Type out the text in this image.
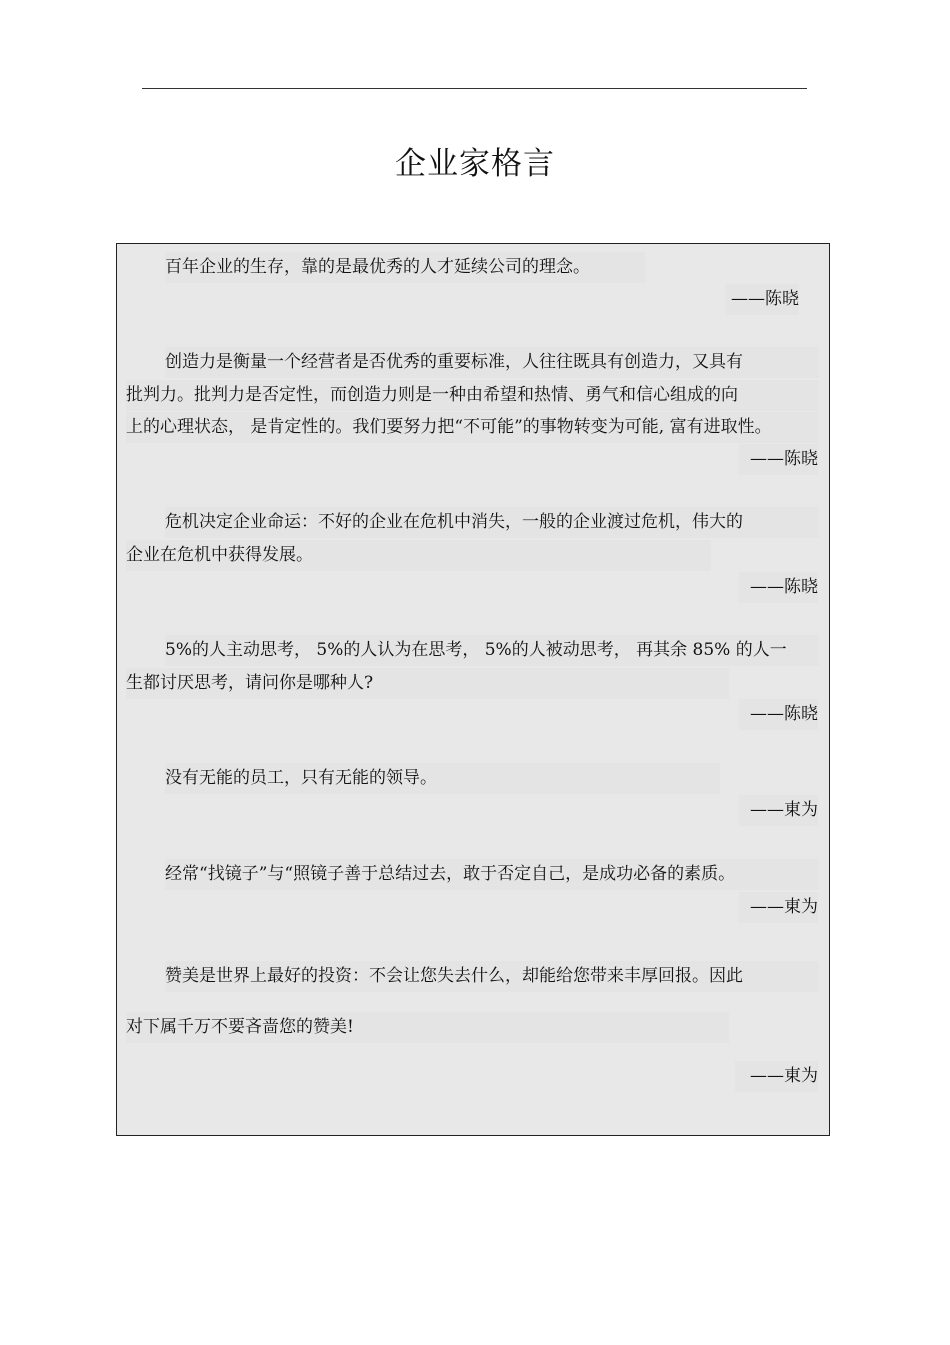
企业家格言
百年企业的生存，靠的是最优秀的人才延续公司的理念。
——陈晓
创造力是衡量一个经营者是否优秀的重要标准，人往往既具有创造力，又具有
批判力。批判力是否定性，而创造力则是一种由希望和热情、勇气和信心组成的向
上的心理状态， 是肯定性的。我们要努力把“不可能”的事物转变为可能, 富有进取性。
——陈晓
危机决定企业命运：不好的企业在危机中消失，一般的企业渡过危机，伟大的
企业在危机中获得发展。
——陈晓
5%的人主动思考， 5%的人认为在思考， 5%的人被动思考， 再其余 85% 的人一
生都讨厌思考，请问你是哪种人?
——陈晓
没有无能的员工，只有无能的领导。
——東为
经常“找镜子”与“照镜子善于总结过去，敢于否定自己，是成功必备的素质。
——東为
赞美是世界上最好的投资：不会让您失去什么，却能给您带来丰厚回报。因此
对下属千万不要吝啬您的赞美!
——東为
